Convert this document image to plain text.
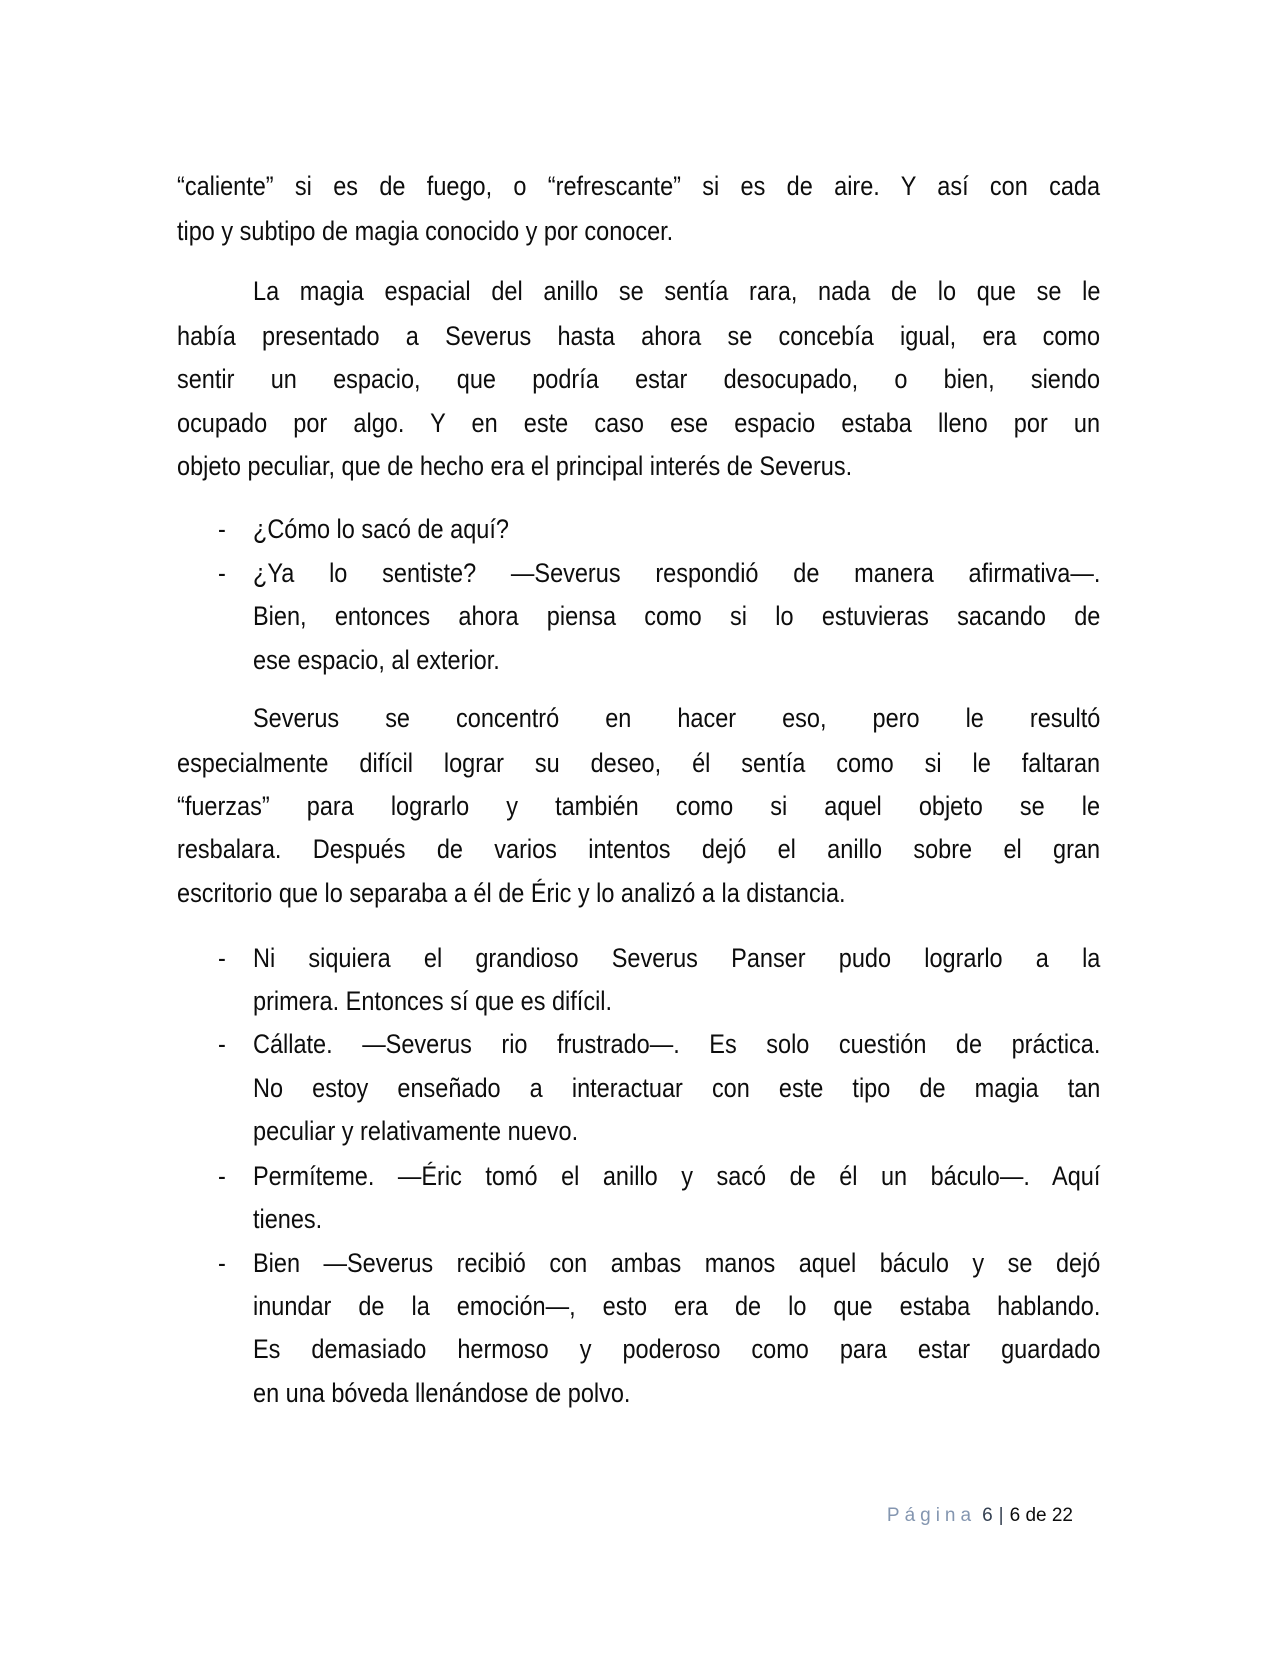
“caliente” si es de fuego, o “refrescante” si es de aire. Y así con cada
tipo y subtipo de magia conocido y por conocer.
La magia espacial del anillo se sentía rara, nada de lo que se le
había presentado a Severus hasta ahora se concebía igual, era como
sentir un espacio, que podría estar desocupado, o bien, siendo
ocupado por algo. Y en este caso ese espacio estaba lleno por un
objeto peculiar, que de hecho era el principal interés de Severus.
- ¿Cómo lo sacó de aquí?
- ¿Ya lo sentiste? —Severus respondió de manera afirmativa—.
Bien, entonces ahora piensa como si lo estuvieras sacando de
ese espacio, al exterior.
Severus se concentró en hacer eso, pero le resultó
especialmente difícil lograr su deseo, él sentía como si le faltaran
“fuerzas” para lograrlo y también como si aquel objeto se le
resbalara. Después de varios intentos dejó el anillo sobre el gran
escritorio que lo separaba a él de Éric y lo analizó a la distancia.
- Ni siquiera el grandioso Severus Panser pudo lograrlo a la
primera. Entonces sí que es difícil.
- Cállate. —Severus rio frustrado—. Es solo cuestión de práctica.
No estoy enseñado a interactuar con este tipo de magia tan
peculiar y relativamente nuevo.
- Permíteme. —Éric tomó el anillo y sacó de él un báculo—. Aquí
tienes.
- Bien —Severus recibió con ambas manos aquel báculo y se dejó
inundar de la emoción—, esto era de lo que estaba hablando.
Es demasiado hermoso y poderoso como para estar guardado
en una bóveda llenándose de polvo.
Página 6 | 6 de 22
